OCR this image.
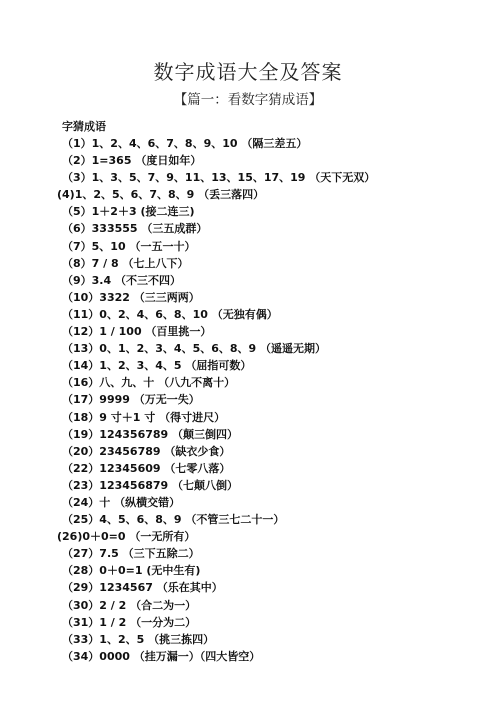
数字成语大全及答案
【篇一：看数字猜成语】
字猜成语
（1）1、2、4、6、7、8、9、10 （隔三差五）
（2）1=365 （度日如年）
（3）1、3、5、7、9、11、13、15、17、19 （天下无双）
(4)1、2、5、6、7、8、9 （丢三落四）
（5）1＋2＋3 (接二连三)
（6）333555 （三五成群）
（7）5、10 （一五一十）
（8）7 / 8 （七上八下）
（9）3.4 （不三不四）
（10）3322 （三三两两）
（11）0、2、4、6、8、10 （无独有偶）
（12）1 / 100 （百里挑一）
（13）0、1、2、3、4、5、6、8、9 （遥遥无期）
（14）1、2、3、4、5 （屈指可数）
（16）八、九、十 （八九不离十）
（17）9999 （万无一失）
（18）9 寸＋1 寸 （得寸进尺）
（19）124356789 （颠三倒四）
（20）23456789 （缺衣少食）
（22）12345609 （七零八落）
（23）123456879 （七颠八倒）
（24）十 （纵横交错）
（25）4、5、6、8、9 （不管三七二十一）
(26)0＋0=0 （一无所有）
（27）7.5 （三下五除二）
（28）0＋0=1 (无中生有)
（29）1234567 （乐在其中）
（30）2 / 2 （合二为一）
（31）1 / 2 （一分为二）
（33）1、2、5 （挑三拣四）
（34）0000 （挂万漏一）（四大皆空）
